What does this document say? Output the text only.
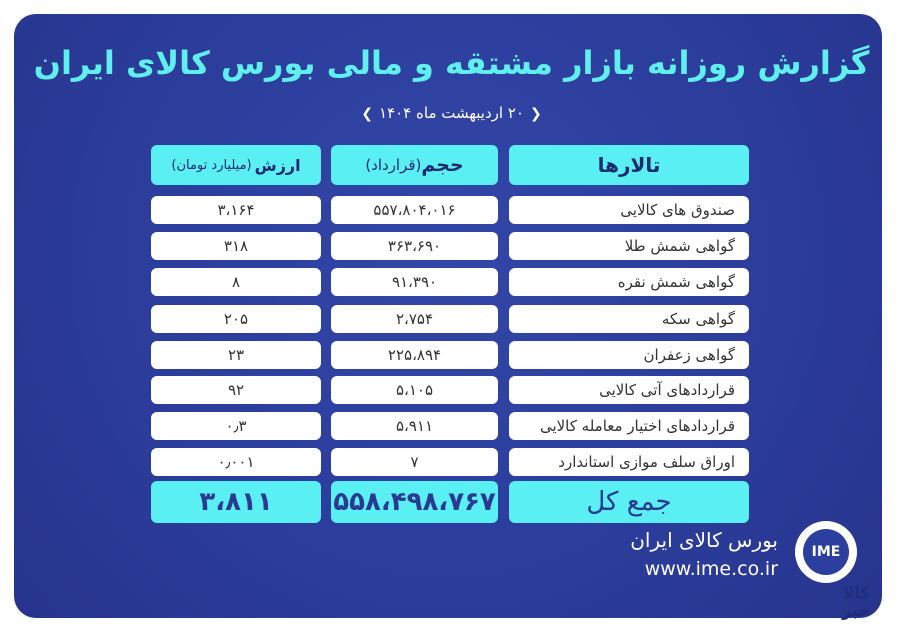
گزارش روزانه بازار مشتقه و مالی بورس کالای ایران
❮۲۰ اردیبهشت ماه ۱۴۰۴❯
تالارها
حجم
(قرارداد)
ارزش
(میلیارد تومان)
صندوق های کالایی
۵۵۷،۸۰۴،۰۱۶
۳،۱۶۴
گواهی شمش طلا
۳۶۳،۶۹۰
۳۱۸
گواهی شمش نقره
۹۱،۳۹۰
۸
گواهی سکه
۲،۷۵۴
۲۰۵
گواهی زعفران
۲۲۵،۸۹۴
۲۳
قراردادهای آتی کالایی
۵،۱۰۵
۹۲
قراردادهای اختیار معامله کالایی
۵،۹۱۱
۰٫۳
اوراق سلف موازی استاندارد
۷
۰٫۰۰۱
جمع کل
۵۵۸،۴۹۸،۷۶۷
۳،۸۱۱
بورس کالای ایران
www.ime.co.ir
IME
کالا
خبر
